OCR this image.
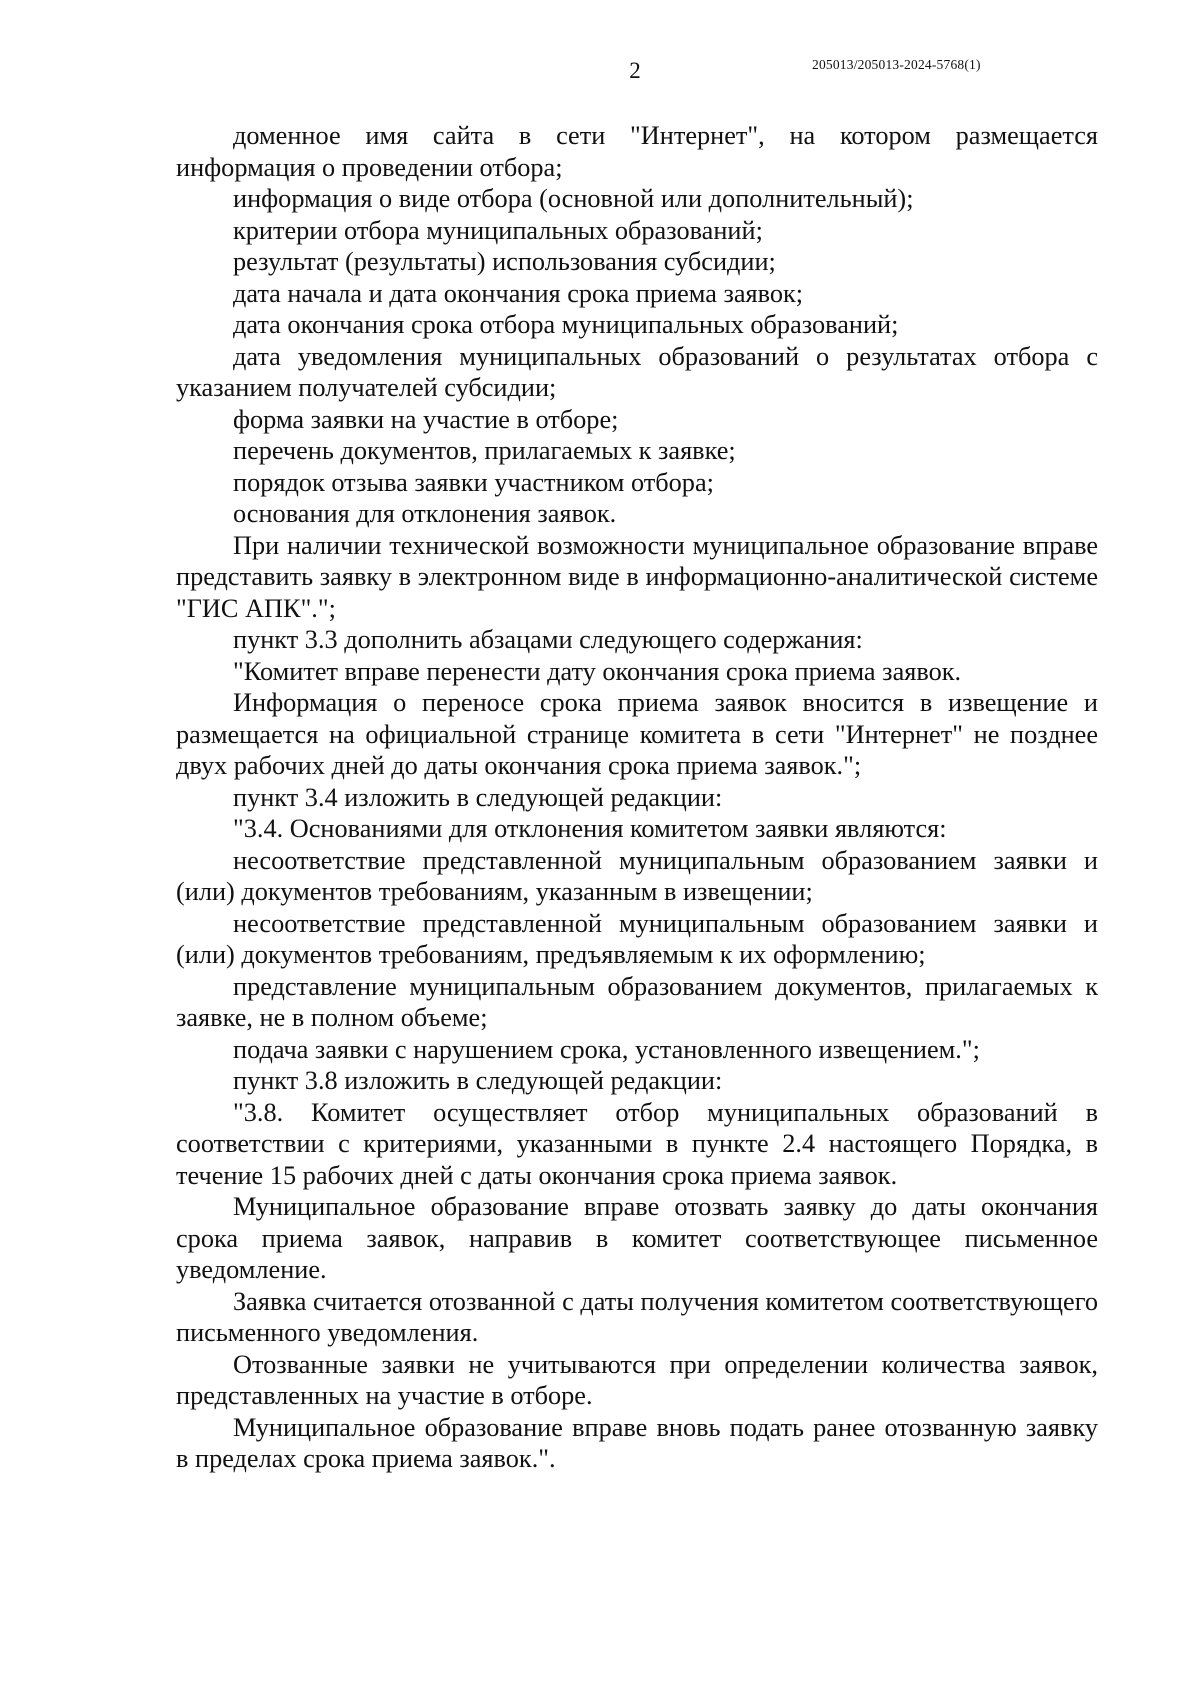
2	205013/205013-2024-5768(1)

доменное имя сайта в сети "Интернет", на котором размещается информация о проведении отбора;

информация о виде отбора (основной или дополнительный);

критерии отбора муниципальных образований;

результат (результаты) использования субсидии;

дата начала и дата окончания срока приема заявок;

дата окончания срока отбора муниципальных образований;

дата уведомления муниципальных образований о результатах отбора с указанием получателей субсидии;

форма заявки на участие в отборе;

перечень документов, прилагаемых к заявке;

порядок отзыва заявки участником отбора;

основания для отклонения заявок.

При наличии технической возможности муниципальное образование вправе представить заявку в электронном виде в информационно-аналитической системе "ГИС АПК".";

пункт 3.3 дополнить абзацами следующего содержания:

"Комитет вправе перенести дату окончания срока приема заявок.

Информация о переносе срока приема заявок вносится в извещение и размещается на официальной странице комитета в сети "Интернет" не позднее двух рабочих дней до даты окончания срока приема заявок.";

пункт 3.4 изложить в следующей редакции:

"3.4. Основаниями для отклонения комитетом заявки являются:

несоответствие представленной муниципальным образованием заявки и (или) документов требованиям, указанным в извещении;

несоответствие представленной муниципальным образованием заявки и (или) документов требованиям, предъявляемым к их оформлению;

представление муниципальным образованием документов, прилагаемых к заявке, не в полном объеме;

подача заявки с нарушением срока, установленного извещением.";

пункт 3.8 изложить в следующей редакции:

"3.8. Комитет осуществляет отбор муниципальных образований в соответствии с критериями, указанными в пункте 2.4 настоящего Порядка, в течение 15 рабочих дней с даты окончания срока приема заявок.

Муниципальное образование вправе отозвать заявку до даты окончания срока приема заявок, направив в комитет соответствующее письменное уведомление.

Заявка считается отозванной с даты получения комитетом соответствующего письменного уведомления.

Отозванные заявки не учитываются при определении количества заявок, представленных на участие в отборе.

Муниципальное образование вправе вновь подать ранее отозванную заявку в пределах срока приема заявок.".
